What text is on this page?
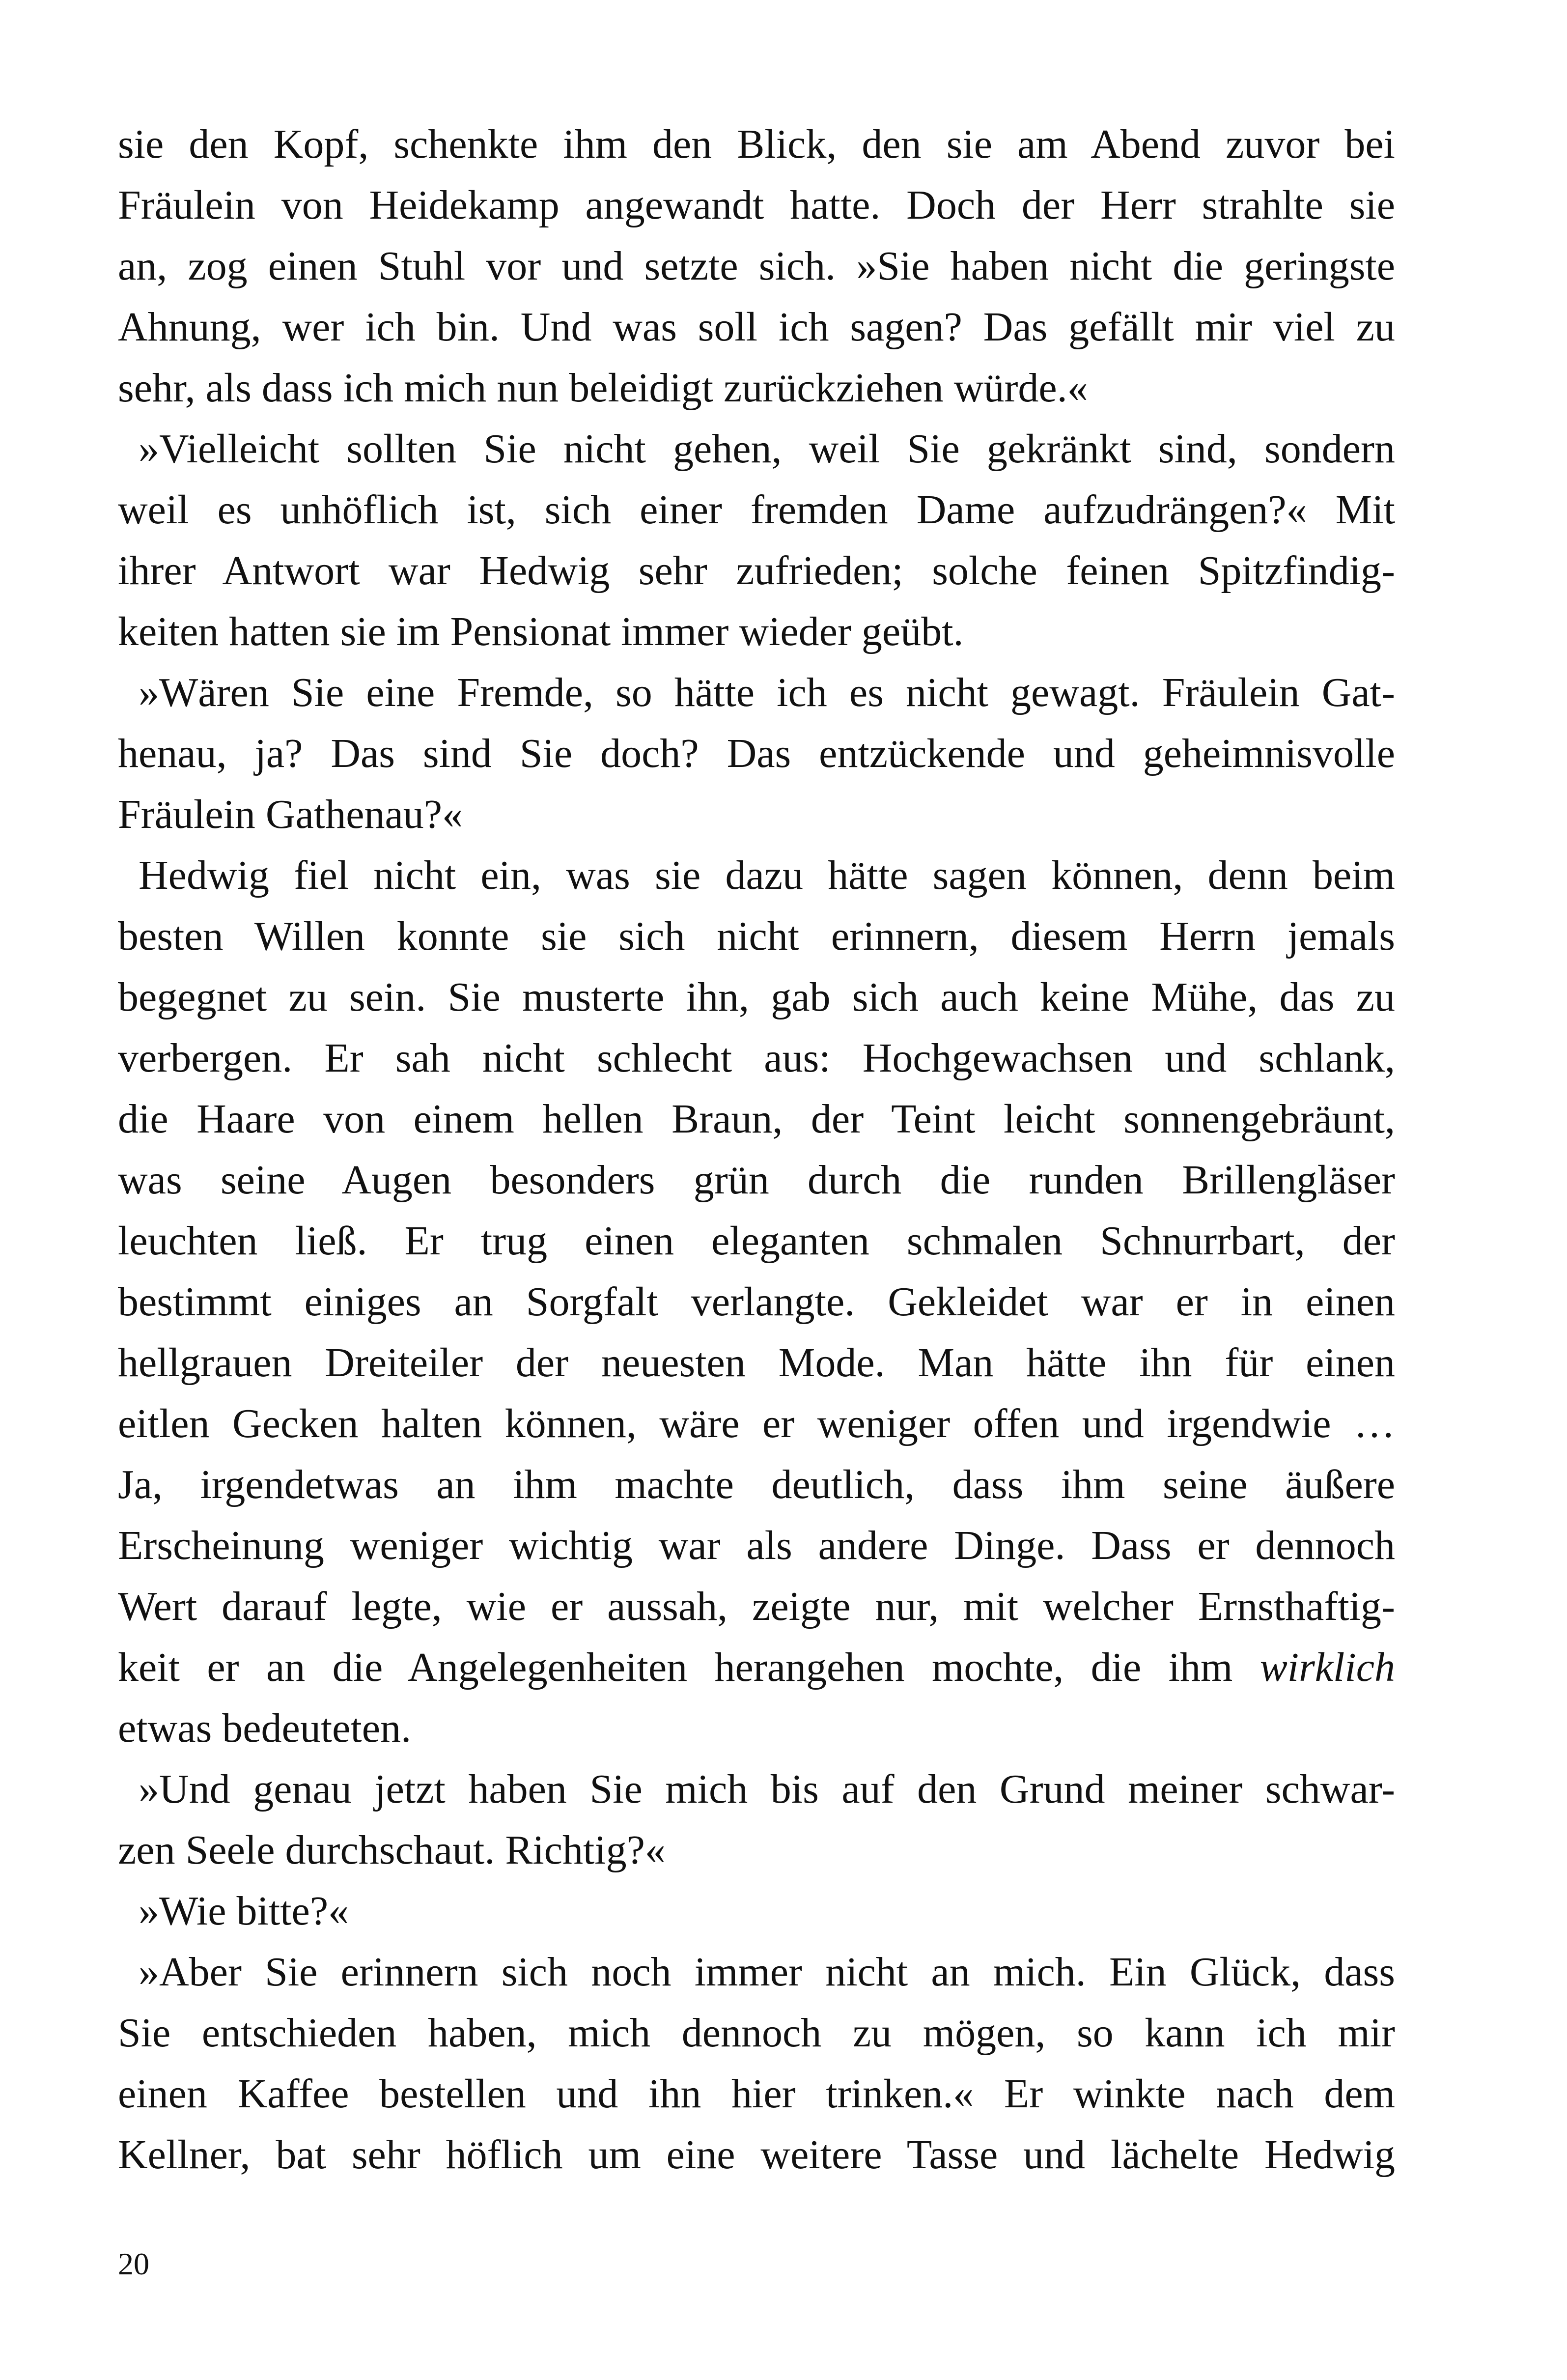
sie den Kopf, schenkte ihm den Blick, den sie am Abend zuvor bei
Fräulein von Heidekamp angewandt hatte. Doch der Herr strahlte sie
an, zog einen Stuhl vor und setzte sich. »Sie haben nicht die geringste
Ahnung, wer ich bin. Und was soll ich sagen? Das gefällt mir viel zu
sehr, als dass ich mich nun beleidigt zurückziehen würde.«
»Vielleicht sollten Sie nicht gehen, weil Sie gekränkt sind, sondern
weil es unhöflich ist, sich einer fremden Dame aufzudrängen?« Mit
ihrer Antwort war Hedwig sehr zufrieden; solche feinen Spitzfindig-
keiten hatten sie im Pensionat immer wieder geübt.
»Wären Sie eine Fremde, so hätte ich es nicht gewagt. Fräulein Gat-
henau, ja? Das sind Sie doch? Das entzückende und geheimnisvolle
Fräulein Gathenau?«
Hedwig fiel nicht ein, was sie dazu hätte sagen können, denn beim
besten Willen konnte sie sich nicht erinnern, diesem Herrn jemals
begegnet zu sein. Sie musterte ihn, gab sich auch keine Mühe, das zu
verbergen. Er sah nicht schlecht aus: Hochgewachsen und schlank,
die Haare von einem hellen Braun, der Teint leicht sonnengebräunt,
was seine Augen besonders grün durch die runden Brillengläser
leuchten ließ. Er trug einen eleganten schmalen Schnurrbart, der
bestimmt einiges an Sorgfalt verlangte. Gekleidet war er in einen
hellgrauen Dreiteiler der neuesten Mode. Man hätte ihn für einen
eitlen Gecken halten können, wäre er weniger offen und irgendwie …
Ja, irgendetwas an ihm machte deutlich, dass ihm seine äußere
Erscheinung weniger wichtig war als andere Dinge. Dass er dennoch
Wert darauf legte, wie er aussah, zeigte nur, mit welcher Ernsthaftig-
keit er an die Angelegenheiten herangehen mochte, die ihm wirklich
etwas bedeuteten.
»Und genau jetzt haben Sie mich bis auf den Grund meiner schwar-
zen Seele durchschaut. Richtig?«
»Wie bitte?«
»Aber Sie erinnern sich noch immer nicht an mich. Ein Glück, dass
Sie entschieden haben, mich dennoch zu mögen, so kann ich mir
einen Kaffee bestellen und ihn hier trinken.« Er winkte nach dem
Kellner, bat sehr höflich um eine weitere Tasse und lächelte Hedwig
20
